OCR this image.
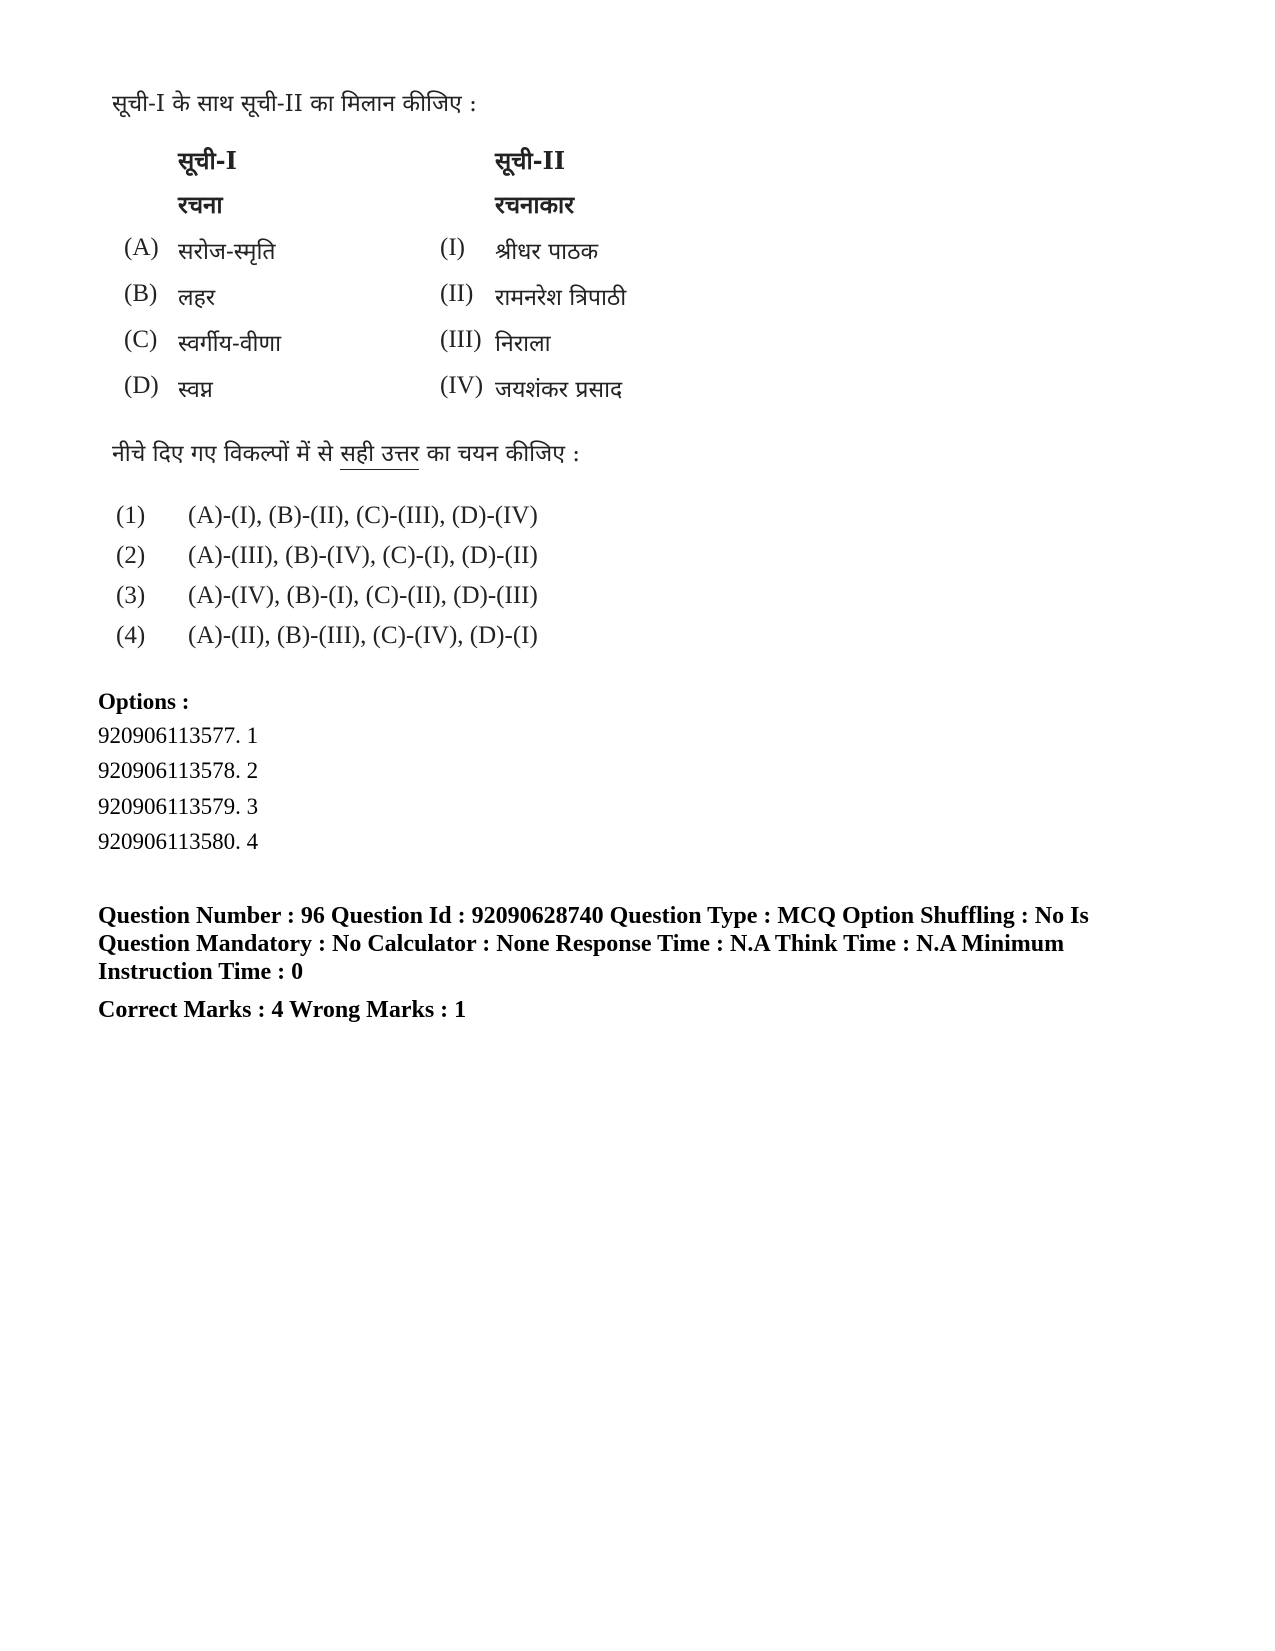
सूची-I के साथ सूची-II का मिलान कीजिए :
सूची-I	सूची-II
रचना	रचनाकार
(A) सरोज-स्मृति
(B) लहर
(C) स्वर्गीय-वीणा
(D) स्वप्न
(I) श्रीधर पाठक
(II) रामनरेश त्रिपाठी
(III) निराला
(IV) जयशंकर प्रसाद
नीचे दिए गए विकल्पों में से सही उत्तर का चयन कीजिए :
(1) (A)-(I), (B)-(II), (C)-(III), (D)-(IV)
(2) (A)-(III), (B)-(IV), (C)-(I), (D)-(II)
(3) (A)-(IV), (B)-(I), (C)-(II), (D)-(III)
(4) (A)-(II), (B)-(III), (C)-(IV), (D)-(I)
Options :
920906113577. 1
920906113578. 2
920906113579. 3
920906113580. 4
Question Number : 96 Question Id : 92090628740 Question Type : MCQ Option Shuffling : No Is Question Mandatory : No Calculator : None Response Time : N.A Think Time : N.A Minimum Instruction Time : 0
Correct Marks : 4 Wrong Marks : 1
